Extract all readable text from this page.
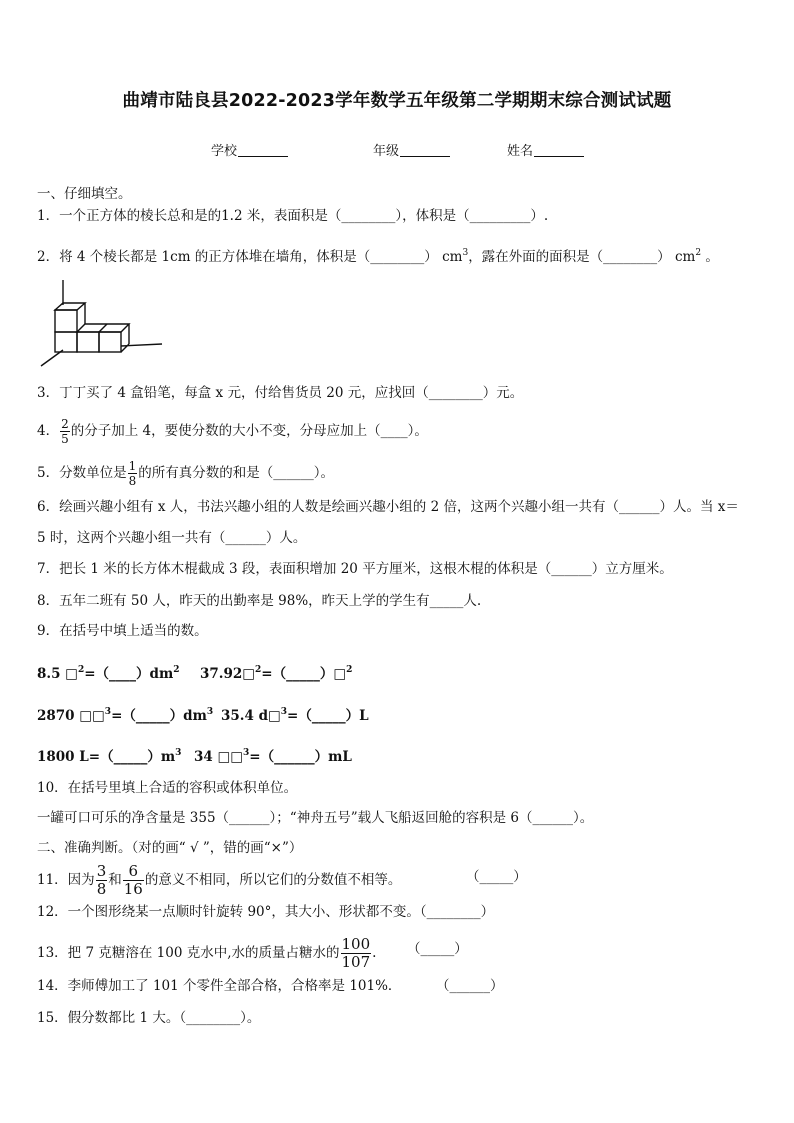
曲靖市陆良县2022-2023学年数学五年级第二学期期末综合测试试题
学校	年级	姓名
一、仔细填空。
1．一个正方体的棱长总和是的1.2 米，表面积是（________），体积是（_________）.
2．将 4 个棱长都是 1cm 的正方体堆在墙角，体积是（________） $cm^3$，露在外面的面积是（________） $cm^2$ 。
3．丁丁买了 4 盒铅笔，每盒 x 元，付给售货员 20 元，应找回（________）元。
4． $\frac{2}{5}$ 的分子加上 4，要使分数的大小不变，分母应加上（____）。
5．分数单位是 $\frac{1}{8}$ 的所有真分数的和是（______）。
6．绘画兴趣小组有 x 人，书法兴趣小组的人数是绘画兴趣小组的 2 倍，这两个兴趣小组一共有（______）人。当 x＝
5 时，这两个兴趣小组一共有（______）人。
7．把长 1 米的长方体木棍截成 3 段，表面积增加 20 平方厘米，这根木棍的体积是（______）立方厘米。
8．五年二班有 50 人，昨天的出勤率是 98%，昨天上学的学生有_____人.
9．在括号中填上适当的数。
8.5 $□^2=(\_\_\_\_)dm^2$ 37.92□$^2$=（_____）□$^2$
2870 $□□^3=(\_\_\_\_\_)dm^3$ 35.4 d□$^3$=（_____）L
1800 $L=(\_\_\_\_\_)m^3$ 34 □□$^3$=（______）mL
10．在括号里填上合适的容积或体积单位。
一罐可口可乐的净含量是 355（______）；“神舟五号”载人飞船返回舱的容积是 6（______）。
二、准确判断。（对的画“ √ ”，错的画“×”）
11．因为 $\frac{3}{8}$ 和 $\frac{6}{16}$ 的意义不相同，所以它们的分数值不相等。	（_____）
12．一个图形绕某一点顺时针旋转 90°，其大小、形状都不变。（________）
13．把 7 克糖溶在 100 克水中,水的质量占糖水的 $\frac{100}{107}$ . （_____）
14．李师傅加工了 101 个零件全部合格，合格率是 101%．	（______）
15．假分数都比 1 大。（________）。
